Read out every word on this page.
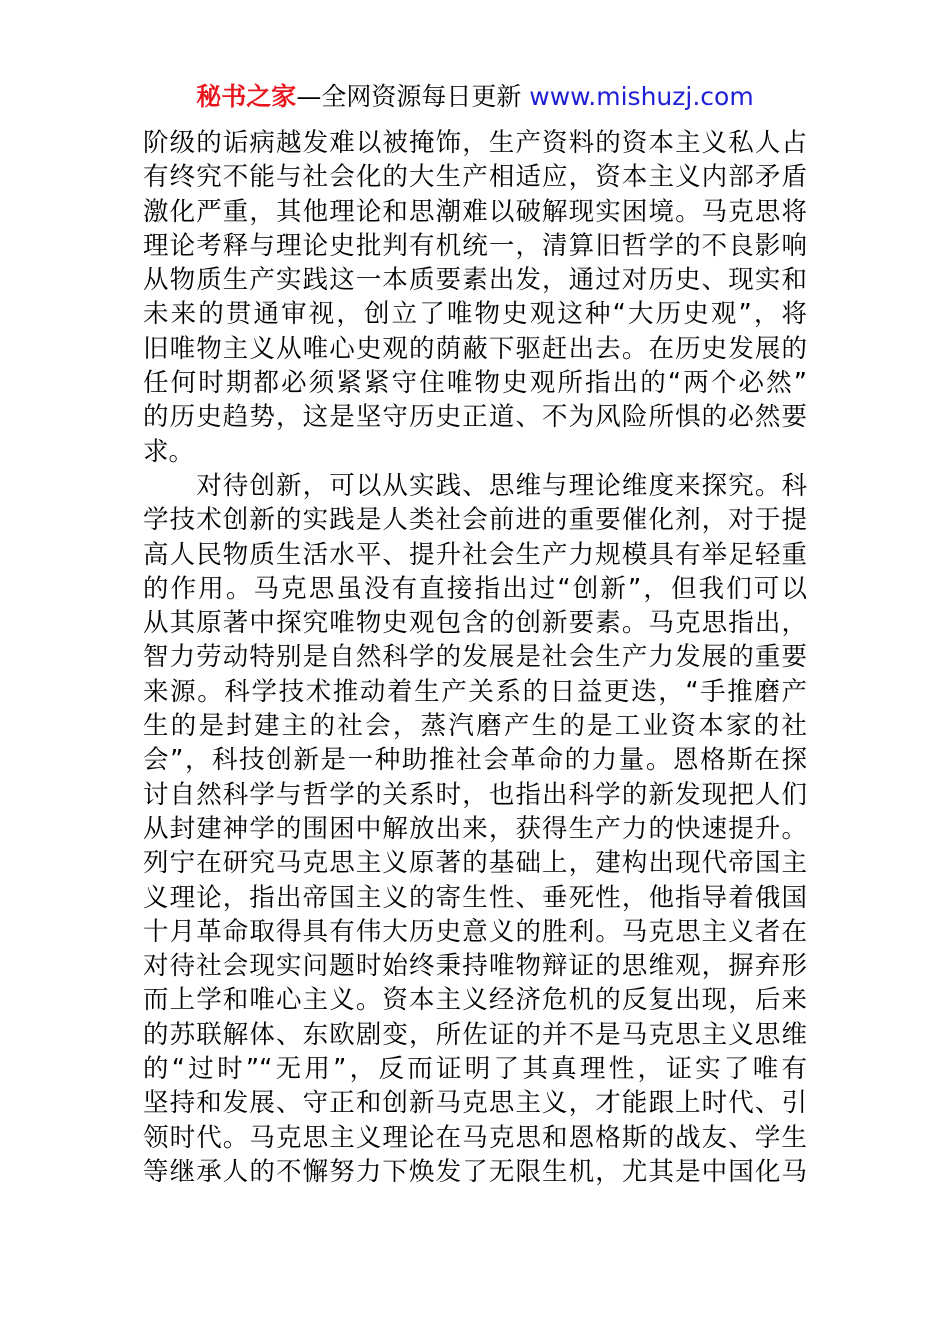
秘书之家—全网资源每日更新 www.mishuzj.com
阶级的诟病越发难以被掩饰，生产资料的资本主义私人占
有终究不能与社会化的大生产相适应，资本主义内部矛盾
激化严重，其他理论和思潮难以破解现实困境。马克思将
理论考释与理论史批判有机统一，清算旧哲学的不良影响
从物质生产实践这一本质要素出发，通过对历史、现实和
未来的贯通审视，创立了唯物史观这种“大历史观”，将
旧唯物主义从唯心史观的荫蔽下驱赶出去。在历史发展的
任何时期都必须紧紧守住唯物史观所指出的“两个必然”
的历史趋势，这是坚守历史正道、不为风险所惧的必然要
求。
　　对待创新，可以从实践、思维与理论维度来探究。科
学技术创新的实践是人类社会前进的重要催化剂，对于提
高人民物质生活水平、提升社会生产力规模具有举足轻重
的作用。马克思虽没有直接指出过“创新”，但我们可以
从其原著中探究唯物史观包含的创新要素。马克思指出，
智力劳动特别是自然科学的发展是社会生产力发展的重要
来源。科学技术推动着生产关系的日益更迭，“手推磨产
生的是封建主的社会，蒸汽磨产生的是工业资本家的社
会”，科技创新是一种助推社会革命的力量。恩格斯在探
讨自然科学与哲学的关系时，也指出科学的新发现把人们
从封建神学的围困中解放出来，获得生产力的快速提升。
列宁在研究马克思主义原著的基础上，建构出现代帝国主
义理论，指出帝国主义的寄生性、垂死性，他指导着俄国
十月革命取得具有伟大历史意义的胜利。马克思主义者在
对待社会现实问题时始终秉持唯物辩证的思维观，摒弃形
而上学和唯心主义。资本主义经济危机的反复出现，后来
的苏联解体、东欧剧变，所佐证的并不是马克思主义思维
的“过时”“无用”，反而证明了其真理性，证实了唯有
坚持和发展、守正和创新马克思主义，才能跟上时代、引
领时代。马克思主义理论在马克思和恩格斯的战友、学生
等继承人的不懈努力下焕发了无限生机，尤其是中国化马
